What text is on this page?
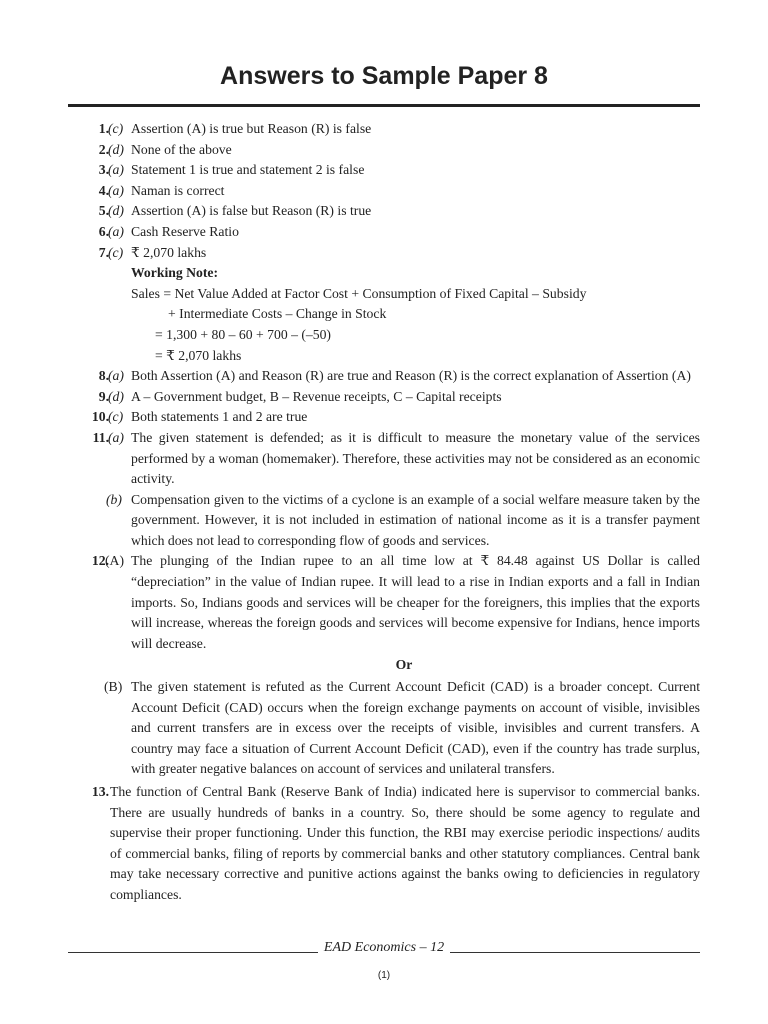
Answers to Sample Paper 8
1. (c) Assertion (A) is true but Reason (R) is false
2. (d) None of the above
3. (a) Statement 1 is true and statement 2 is false
4. (a) Naman is correct
5. (d) Assertion (A) is false but Reason (R) is true
6. (a) Cash Reserve Ratio
7. (c) ₹ 2,070 lakhs
Working Note:
Sales = Net Value Added at Factor Cost + Consumption of Fixed Capital – Subsidy
+ Intermediate Costs – Change in Stock
= 1,300 + 80 – 60 + 700 – (–50)
= ₹ 2,070 lakhs
8. (a) Both Assertion (A) and Reason (R) are true and Reason (R) is the correct explanation of Assertion (A)
9. (d) A – Government budget, B – Revenue receipts, C – Capital receipts
10. (c) Both statements 1 and 2 are true
11. (a) The given statement is defended; as it is difficult to measure the monetary value of the services performed by a woman (homemaker). Therefore, these activities may not be considered as an economic activity.
(b) Compensation given to the victims of a cyclone is an example of a social welfare measure taken by the government. However, it is not included in estimation of national income as it is a transfer payment which does not lead to corresponding flow of goods and services.
12.
(A) The plunging of the Indian rupee to an all time low at ₹ 84.48 against US Dollar is called “depreciation” in the value of Indian rupee. It will lead to a rise in Indian exports and a fall in Indian imports. So, Indians goods and services will be cheaper for the foreigners, this implies that the exports will increase, whereas the foreign goods and services will become expensive for Indians, hence imports will decrease.
Or
(B) The given statement is refuted as the Current Account Deficit (CAD) is a broader concept. Current Account Deficit (CAD) occurs when the foreign exchange payments on account of visible, invisibles and current transfers are in excess over the receipts of visible, invisibles and current transfers. A country may face a situation of Current Account Deficit (CAD), even if the country has trade surplus, with greater negative balances on account of services and unilateral transfers.
13. The function of Central Bank (Reserve Bank of India) indicated here is supervisor to commercial banks. There are usually hundreds of banks in a country. So, there should be some agency to regulate and supervise their proper functioning. Under this function, the RBI may exercise periodic inspections/ audits of commercial banks, filing of reports by commercial banks and other statutory compliances. Central bank may take necessary corrective and punitive actions against the banks owing to deficiencies in regulatory compliances.
EAD Economics – 12
(1)
